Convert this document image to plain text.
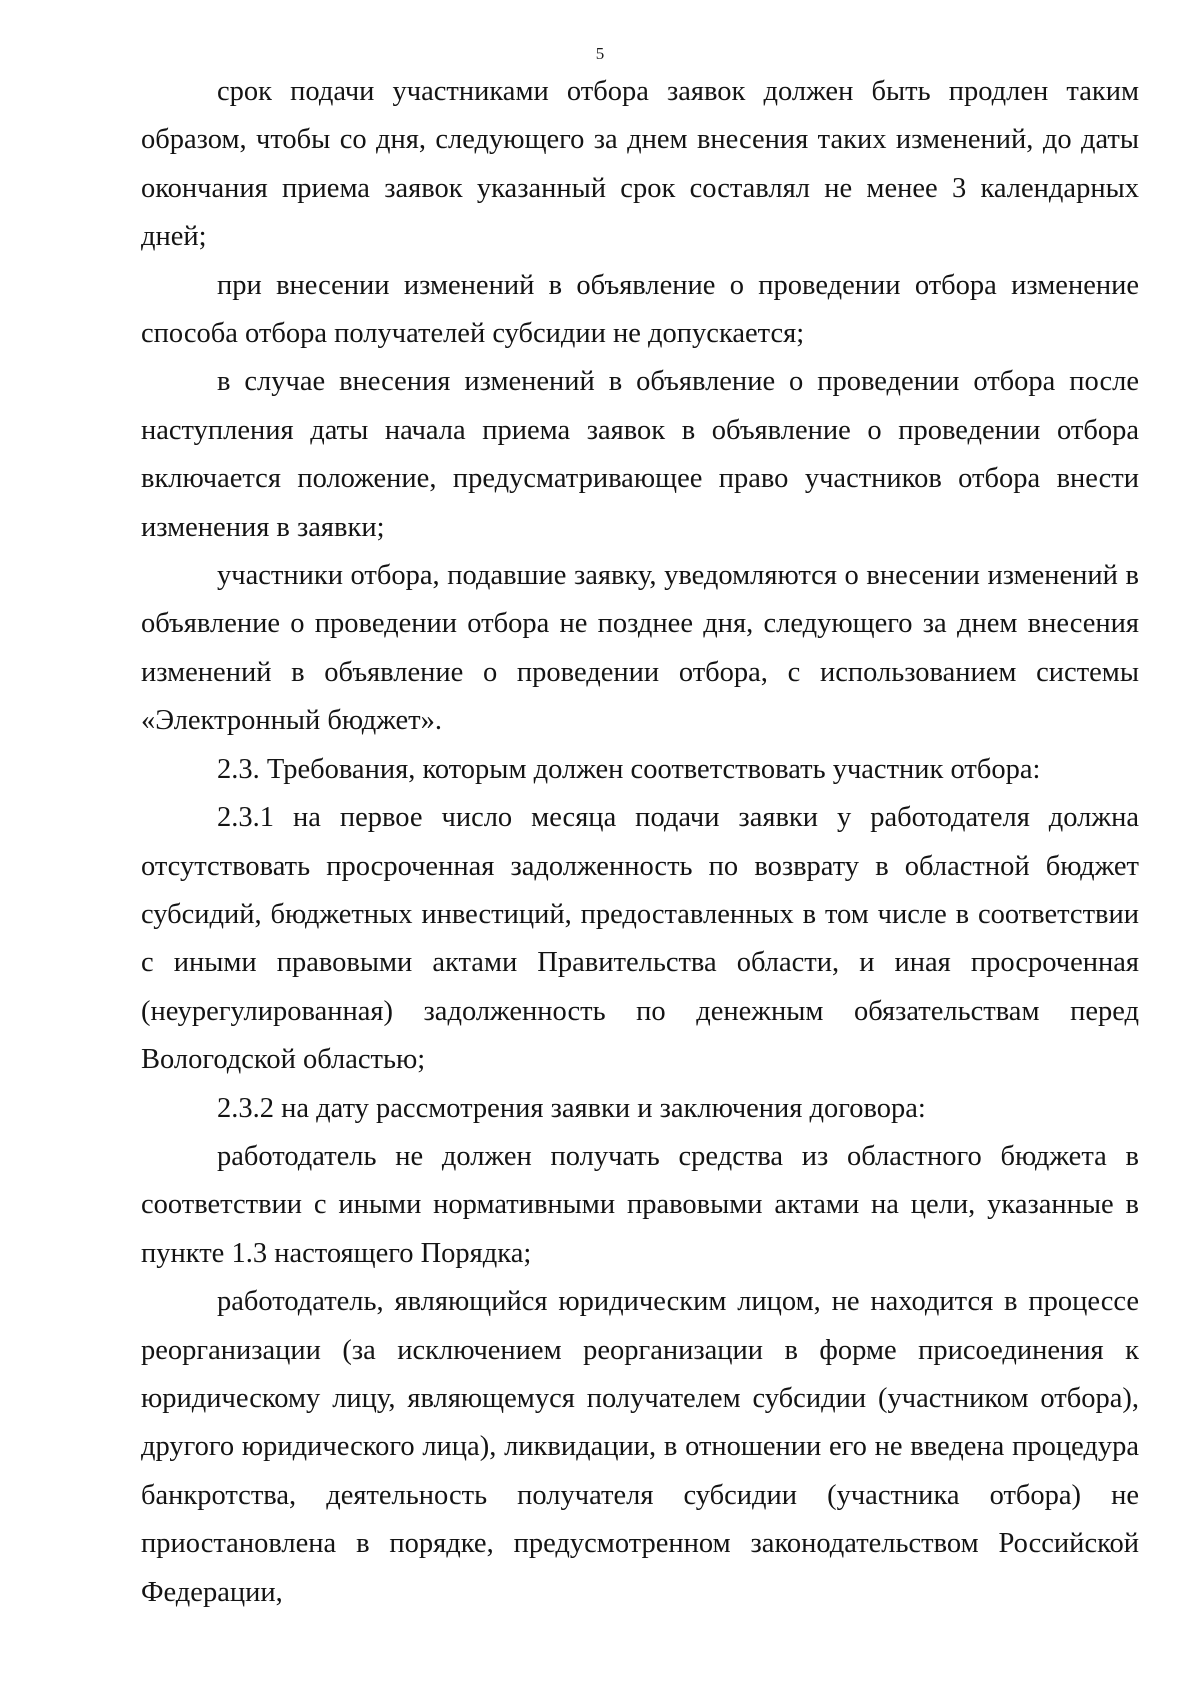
5

срок подачи участниками отбора заявок должен быть продлен таким образом, чтобы со дня, следующего за днем внесения таких изменений, до даты окончания приема заявок указанный срок составлял не менее 3 календарных дней;

при внесении изменений в объявление о проведении отбора изменение способа отбора получателей субсидии не допускается;

в случае внесения изменений в объявление о проведении отбора после наступления даты начала приема заявок в объявление о проведении отбора включается положение, предусматривающее право участников отбора внести изменения в заявки;

участники отбора, подавшие заявку, уведомляются о внесении изменений в объявление о проведении отбора не позднее дня, следующего за днем внесения изменений в объявление о проведении отбора, с использованием системы «Электронный бюджет».

2.3. Требования, которым должен соответствовать участник отбора:

2.3.1 на первое число месяца подачи заявки у работодателя должна отсутствовать просроченная задолженность по возврату в областной бюджет субсидий, бюджетных инвестиций, предоставленных в том числе в соответствии с иными правовыми актами Правительства области, и иная просроченная (неурегулированная) задолженность по денежным обязательствам перед Вологодской областью;

2.3.2 на дату рассмотрения заявки и заключения договора:

работодатель не должен получать средства из областного бюджета в соответствии с иными нормативными правовыми актами на цели, указанные в пункте 1.3 настоящего Порядка;

работодатель, являющийся юридическим лицом, не находится в процессе реорганизации (за исключением реорганизации в форме присоединения к юридическому лицу, являющемуся получателем субсидии (участником отбора), другого юридического лица), ликвидации, в отношении его не введена процедура банкротства, деятельность получателя субсидии (участника отбора) не приостановлена в порядке, предусмотренном законодательством Российской Федерации,
